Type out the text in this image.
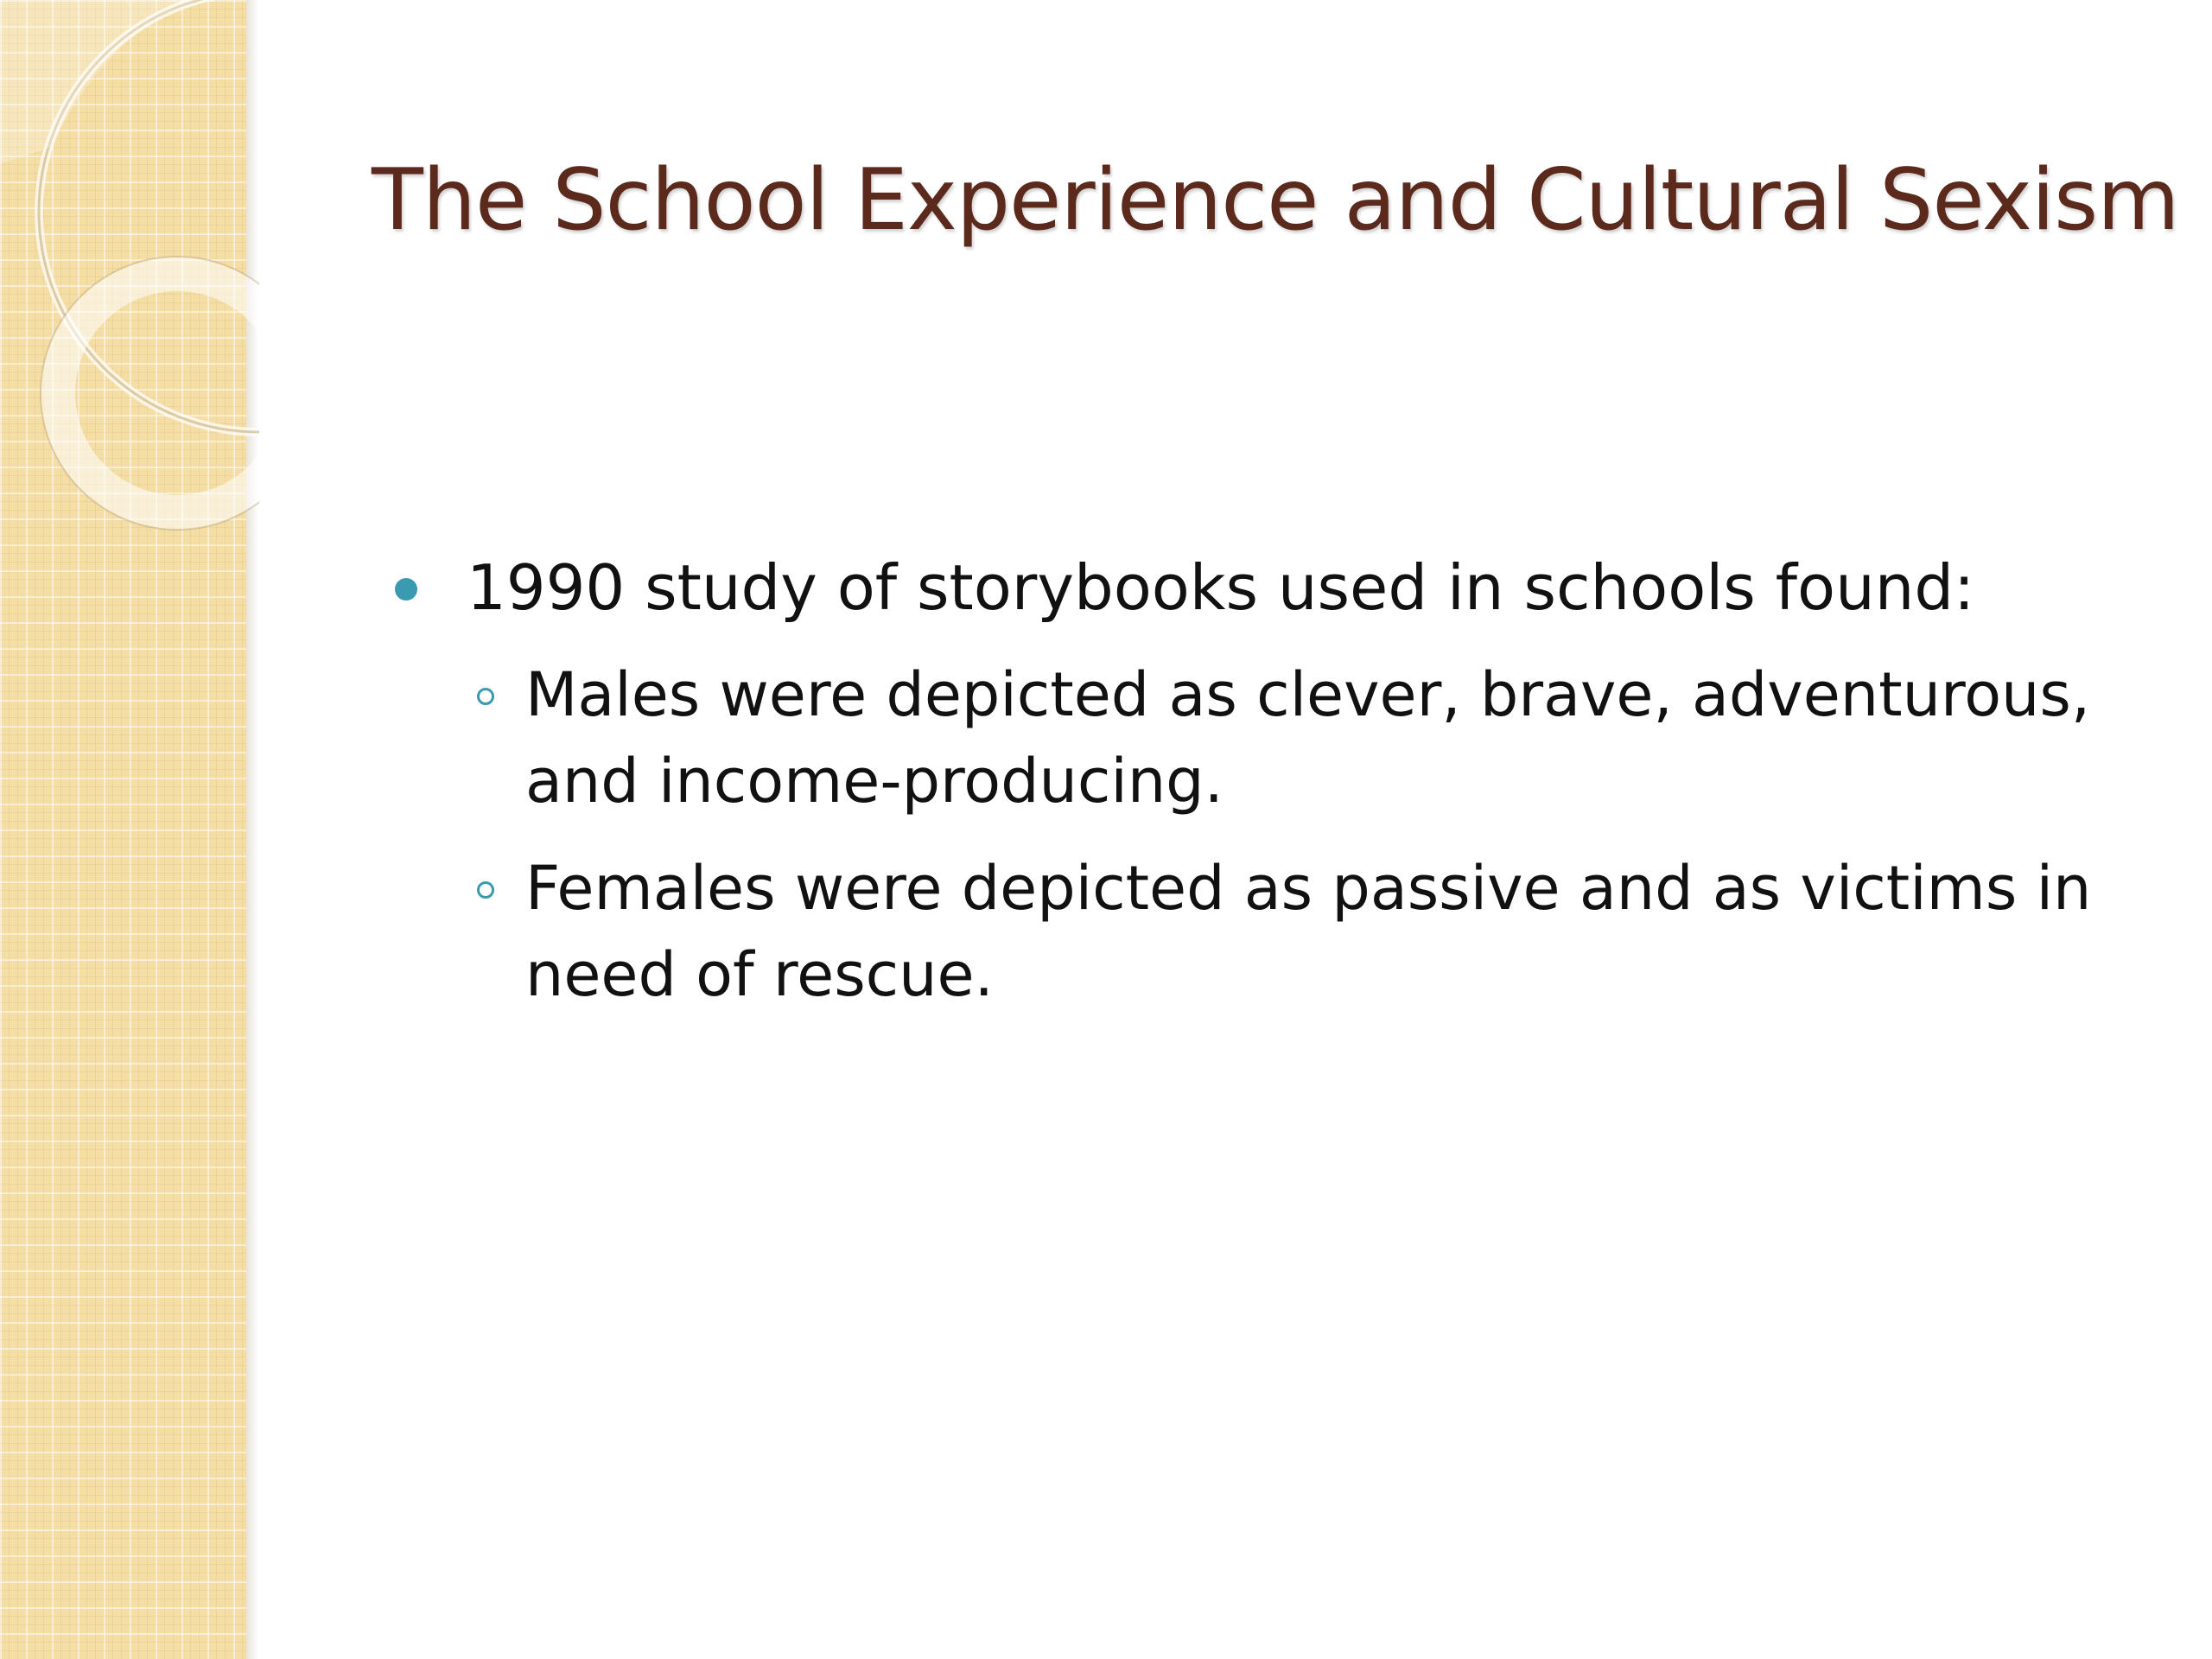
The School Experience and Cultural Sexism
1990 study of storybooks used in schools found:
Males were depicted as clever, brave, adventurous, and income-producing.
Females were depicted as passive and as victims in need of rescue.
